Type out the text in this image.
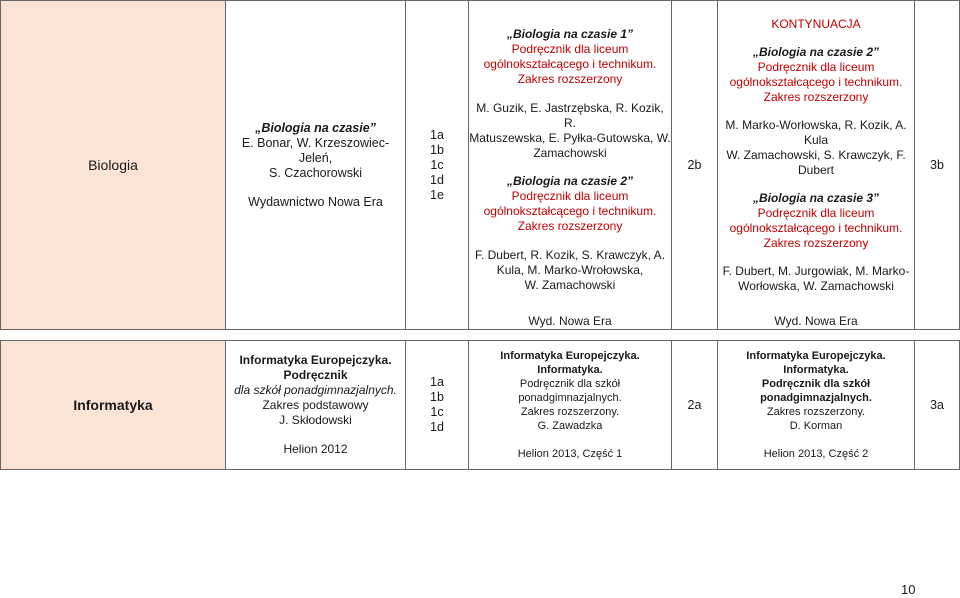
Biologia
„Biologia na czasie”
E. Bonar, W. Krzeszowiec-Jeleń,
S. Czachorowski
Wydawnictwo Nowa Era
1a
1b
1c
1d
1e
„Biologia na czasie 1”
Podręcznik dla liceum
ogólnokształcącego i technikum.
Zakres rozszerzony
M. Guzik, E. Jastrzębska, R. Kozik, R.
Matuszewska, E. Pyłka-Gutowska, W.
Zamachowski
„Biologia na czasie 2”
Podręcznik dla liceum
ogólnokształcącego i technikum.
Zakres rozszerzony
F. Dubert, R. Kozik, S. Krawczyk, A.
Kula, M. Marko-Wrołowska,
W. Zamachowski
Wyd. Nowa Era
2b
KONTYNUACJA
„Biologia na czasie 2”
Podręcznik dla liceum
ogólnokształcącego i technikum.
Zakres rozszerzony
M. Marko-Worłowska, R. Kozik, A. Kula
W. Zamachowski, S. Krawczyk, F.
Dubert
„Biologia na czasie 3”
Podręcznik dla liceum
ogólnokształcącego i technikum.
Zakres rozszerzony
F. Dubert, M. Jurgowiak, M. Marko-
Worłowska, W. Zamachowski
Wyd. Nowa Era
3b
Informatyka
Informatyka Europejczyka. Podręcznik
dla szkół ponadgimnazjalnych.
Zakres podstawowy
J. Skłodowski
Helion 2012
1a
1b
1c
1d
Informatyka Europejczyka. Informatyka.
Podręcznik dla szkół
ponadgimnazjalnych.
Zakres rozszerzony.
G. Zawadzka
Helion 2013, Część 1
2a
Informatyka Europejczyka. Informatyka.
Podręcznik dla szkół ponadgimnazjalnych.
Zakres rozszerzony.
D. Korman
Helion 2013, Część 2
3a
10
